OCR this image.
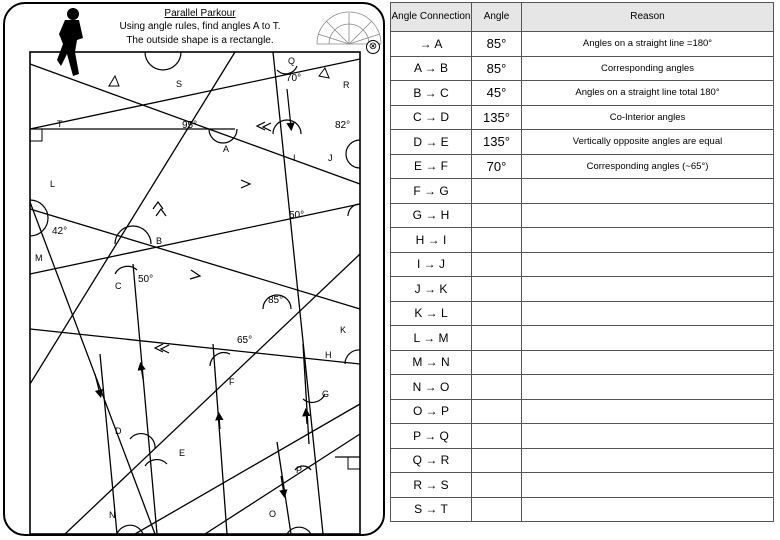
70°
95°	82°
50°
42°
50°
85°
65°
A
B
C
D
E
F
G
H
I	J
K
L
M
N	O
P
Q
R
S
T
Parallel Parkour
Using angle rules, find angles A to T.
The outside shape is a rectangle.
⊗
Angle Connection	Angle	Reason
→ A	85°	Angles on a straight line =180°
A → B	85°	Corresponding angles
B → C	45°	Angles on a straight line total 180°
C → D	135°	Co-Interior angles
D → E	135°	Vertically opposite angles are equal
E → F	70°	Corresponding angles (~65°)
F → G		
G → H		
H → I		
I → J		
J → K		
K → L		
L → M		
M → N		
N → O		
O → P		
P → Q		
Q → R		
R → S		
S → T		
